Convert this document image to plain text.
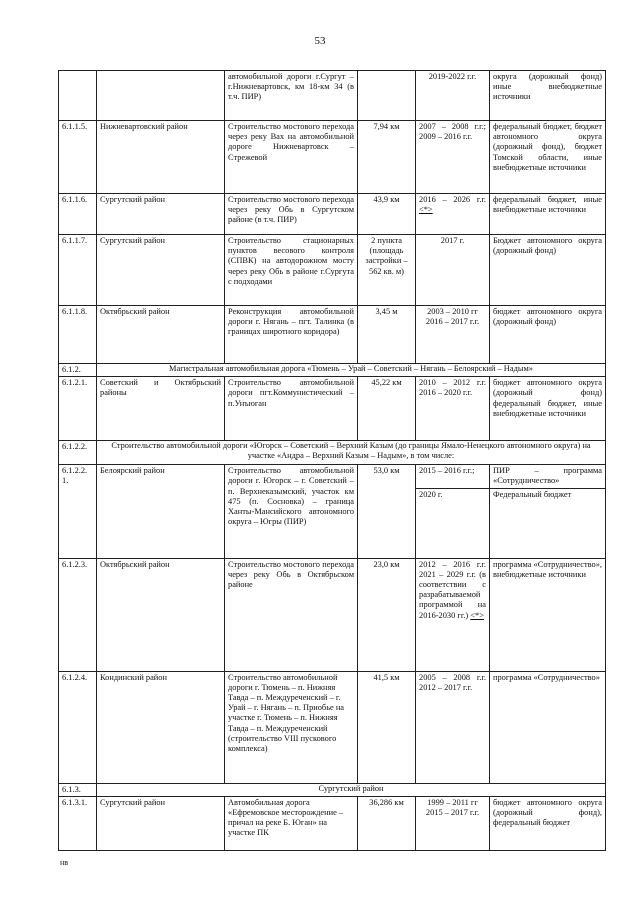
53
		автомобильной дороги г.Сургут – г.Нижневартовск, км 18-км 34 (в т.ч. ПИР)		2019-2022 г.г.	округа (дорожный фонд) иные внебюджетные источники
6.1.1.5.	Нижневартовский район	Строительство мостового перехода через реку Вах на автомобильной дороге Нижневартовск – Стрежевой	7,94 км	2007 – 2008 г.г.; 2009 – 2016 г.г.	федеральный бюджет, бюджет автономного округа (дорожный фонд), бюджет Томской области, иные внебюджетные источники
6.1.1.6.	Сургутский район	Строительство мостового перехода через реку Обь в Сургутском районе (в т.ч. ПИР)	43,9 км	2016 – 2026 г.г. <*>	федеральный бюджет, иные внебюджетные источники
6.1.1.7.	Сургутский район	Строительство стационарных пунктов весового контроля (СПВК) на автодорожном мосту через реку Обь в районе г.Сургута с подходами	2 пункта (площадь застройки – 562 кв. м)	2017 г.	Бюджет автономного округа (дорожный фонд)
6.1.1.8.	Октябрьский район	Реконструкция автомобильной дороги г. Нягань – пгт. Талинка (в границах широтного коридора)	3,45 м	2003 – 2010 гг 2016 – 2017 г.г.	бюджет автономного округа (дорожный фонд)
6.1.2.	Магистральная автомобильная дорога «Тюмень – Урай – Советский – Нягань – Белоярский – Надым»				
6.1.2.1.	Советский и Октябрьский районы	Строительство автомобильной дороги пгт.Коммунистический – п.Унъюган	45,22 км	2010 – 2012 г.г. 2016 – 2020 г.г.	бюджет автономного округа (дорожный фонд) федеральный бюджет, иные внебюджетные источники
6.1.2.2.	Строительство автомобильной дороги «Югорск – Советский – Верхний Казым (до границы Ямало-Ненецкого автономного округа) на участке «Андра – Верхний Казым – Надым», в том числе:				
6.1.2.2. 1.	Белоярский район	Строительство автомобильной дороги г. Югорск – г. Советский – п. Верхнеказымский, участок км 475 (п. Сосновка) – граница Ханты-Мансийского автономного округа – Югры (ПИР)	53,0 км	2015 – 2016 г.г.;	ПИР – программа «Сотрудничество»
				2020 г.	Федеральный бюджет
6.1.2.3.	Октябрьский район	Строительство мостового перехода через реку Обь в Октябрьском районе	23,0 км	2012 – 2016 г.г. 2021 – 2029 г.г. (в соответствии с разрабатываемой программой на 2016-2030 гг.) <*>	программа «Сотрудничество», внебюджетные источники
6.1.2.4.	Кондинский район	Строительство автомобильной дороги г. Тюмень – п. Нижняя Тавда – п. Междуреченский – г. Урай – г. Нягань – п. Приобье на участке г. Тюмень – п. Нижняя Тавда – п. Междуреченский (строительство VIII пускового комплекса)	41,5 км	2005 – 2008 г.г. 2012 – 2017 г.г.	программа «Сотрудничество»
6.1.3.	Сургутский район				
6.1.3.1.	Сургутский район	Автомобильная дорога «Ефремовское месторождение – причал на реке Б. Юган» на участке ПК	36,286 км	1999 – 2011 гг 2015 – 2017 г.г.	бюджет автономного округа (дорожный фонд), федеральный бюджет
нв
